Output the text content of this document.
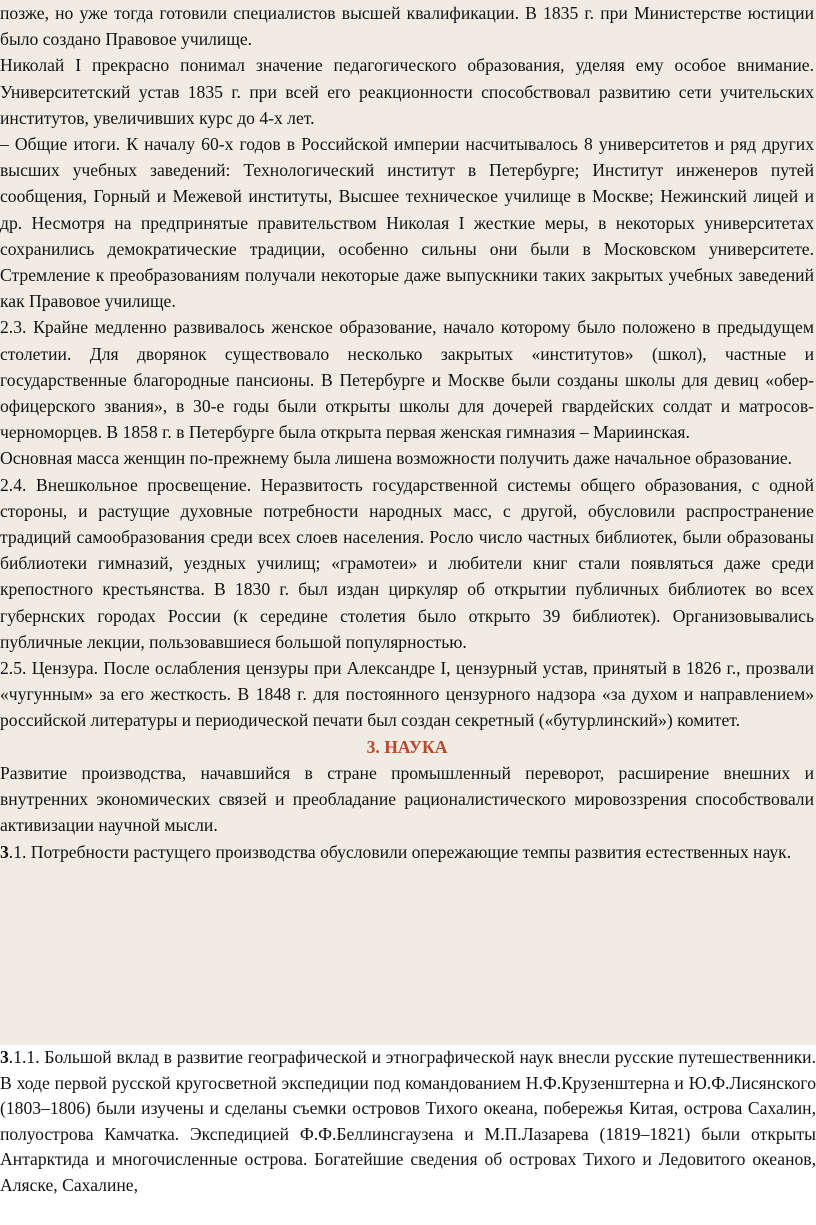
позже, но уже тогда готовили специалистов высшей квалификации. В 1835 г. при Министерстве юстиции было создано Правовое училище.

Николай I прекрасно понимал значение педагогического образования, уделяя ему особое внимание. Университетский устав 1835 г. при всей его реакционности способствовал развитию сети учительских институтов, увеличивших курс до 4-х лет.

– Общие итоги. К началу 60-х годов в Российской империи насчитывалось 8 университетов и ряд других высших учебных заведений: Технологический институт в Петербурге; Институт инженеров путей сообщения, Горный и Межевой институты, Высшее техническое училище в Москве; Нежинский лицей и др. Несмотря на предпринятые правительством Николая I жесткие меры, в некоторых университетах сохранились демократические традиции, особенно сильны они были в Московском университете. Стремление к преобразованиям получали некоторые даже выпускники таких закрытых учебных заведений как Правовое училище.

2.3. Крайне медленно развивалось женское образование, начало которому было положено в предыдущем столетии. Для дворянок существовало несколько закрытых «институтов» (школ), частные и государственные благородные пансионы. В Петербурге и Москве были созданы школы для девиц «обер-офицерского звания», в 30-е годы были открыты школы для дочерей гвардейских солдат и матросов-черноморцев. В 1858 г. в Петербурге была открыта первая женская гимназия – Мариинская.

Основная масса женщин по-прежнему была лишена возможности получить даже начальное образование.

2.4. Внешкольное просвещение. Неразвитость государственной системы общего образования, с одной стороны, и растущие духовные потребности народных масс, с другой, обусловили распространение традиций самообразования среди всех слоев населения. Росло число частных библиотек, были образованы библиотеки гимназий, уездных училищ; «грамотеи» и любители книг стали появляться даже среди крепостного крестьянства. В 1830 г. был издан циркуляр об открытии публичных библиотек во всех губернских городах России (к середине столетия было открыто 39 библиотек). Организовывались публичные лекции, пользовавшиеся большой популярностью.

2.5. Цензура. После ослабления цензуры при Александре I, цензурный устав, принятый в 1826 г., прозвали «чугунным» за его жесткость. В 1848 г. для постоянного цензурного надзора «за духом и направлением» российской литературы и периодической печати был создан секретный («бутурлинский») комитет.

3. НАУКА

Развитие производства, начавшийся в стране промышленный переворот, расширение внешних и внутренних экономических связей и преобладание рационалистического мировоззрения способствовали активизации научной мысли.

3.1. Потребности растущего производства обусловили опережающие темпы развития естественных наук.

3.1.1. Большой вклад в развитие географической и этнографической наук внесли русские путешественники. В ходе первой русской кругосветной экспедиции под командованием Н.Ф.Крузенштерна и Ю.Ф.Лисянского (1803–1806) были изучены и сделаны съемки островов Тихого океана, побережья Китая, острова Сахалин, полуострова Камчатка. Экспедицией Ф.Ф.Беллинсгаузена и М.П.Лазарева (1819–1821) были открыты Антарктида и многочисленные острова. Богатейшие сведения об островах Тихого и Ледовитого океанов, Аляске, Сахалине,
